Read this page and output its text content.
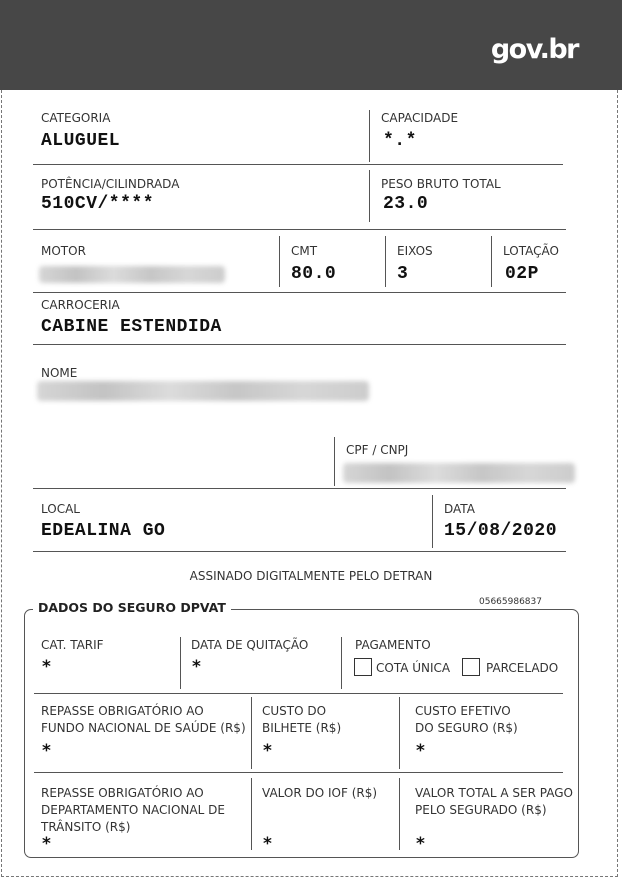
gov.br
CATEGORIA
ALUGUEL
CAPACIDADE
*.*
POTÊNCIA/CILINDRADA
510CV/****
PESO BRUTO TOTAL
23.0
MOTOR	CMT
80.0
EIXOS
3
LOTAÇÃO
02P
CARROCERIA
CABINE ESTENDIDA
NOME
CPF / CNPJ
LOCAL
EDEALINA GO
DATA
15/08/2020
ASSINADO DIGITALMENTE PELO DETRAN
05665986837
DADOS DO SEGURO DPVAT
CAT. TARIF
*
DATA DE QUITAÇÃO
*
PAGAMENTO
COTA ÚNICA	PARCELADO
REPASSE OBRIGATÓRIO AO
FUNDO NACIONAL DE SAÚDE (R$)
*
CUSTO DO
BILHETE (R$)
*
CUSTO EFETIVO
DO SEGURO (R$)
*
REPASSE OBRIGATÓRIO AO
DEPARTAMENTO NACIONAL DE
TRÂNSITO (R$)
*
VALOR DO IOF (R$)
*
VALOR TOTAL A SER PAGO
PELO SEGURADO (R$)
*
